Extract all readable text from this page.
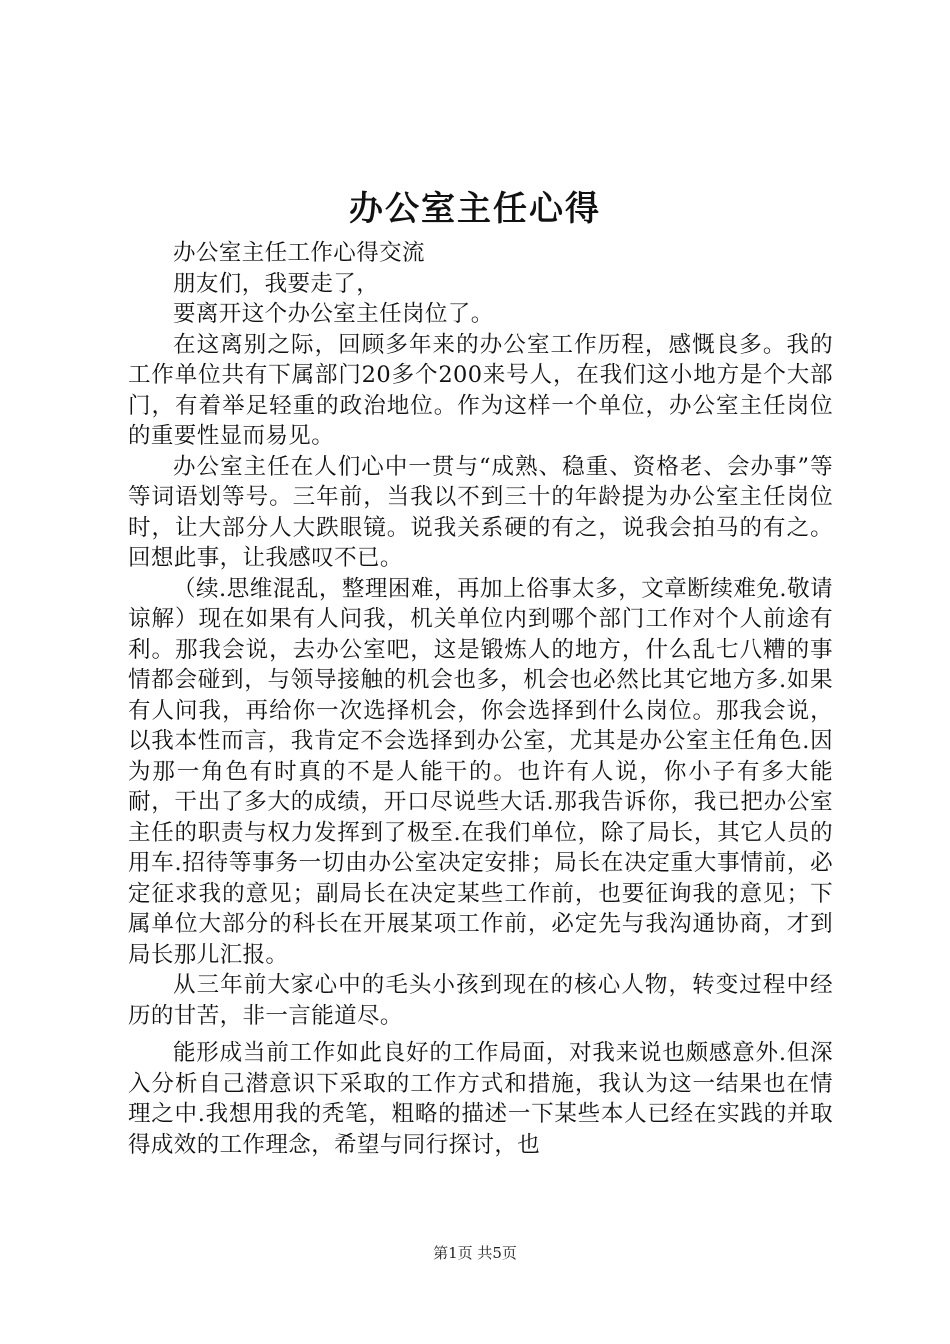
办公室主任心得

办公室主任工作心得交流

朋友们，我要走了，

要离开这个办公室主任岗位了。

在这离别之际，回顾多年来的办公室工作历程，感慨良多。我的工作单位共有下属部门20多个200来号人，在我们这小地方是个大部门，有着举足轻重的政治地位。作为这样一个单位，办公室主任岗位的重要性显而易见。

办公室主任在人们心中一贯与“成熟、稳重、资格老、会办事”等等词语划等号。三年前，当我以不到三十的年龄提为办公室主任岗位时，让大部分人大跌眼镜。说我关系硬的有之，说我会拍马的有之。回想此事，让我感叹不已。

（续.思维混乱，整理困难，再加上俗事太多，文章断续难免.敬请谅解）现在如果有人问我，机关单位内到哪个部门工作对个人前途有利。那我会说，去办公室吧，这是锻炼人的地方，什么乱七八糟的事情都会碰到，与领导接触的机会也多，机会也必然比其它地方多.如果有人问我，再给你一次选择机会，你会选择到什么岗位。那我会说，以我本性而言，我肯定不会选择到办公室，尤其是办公室主任角色.因为那一角色有时真的不是人能干的。也许有人说，你小子有多大能耐，干出了多大的成绩，开口尽说些大话.那我告诉你，我已把办公室主任的职责与权力发挥到了极至.在我们单位，除了局长，其它人员的用车.招待等事务一切由办公室决定安排；局长在决定重大事情前，必定征求我的意见；副局长在决定某些工作前，也要征询我的意见；下属单位大部分的科长在开展某项工作前，必定先与我沟通协商，才到局长那儿汇报。

从三年前大家心中的毛头小孩到现在的核心人物，转变过程中经历的甘苦，非一言能道尽。

能形成当前工作如此良好的工作局面，对我来说也颇感意外.但深入分析自己潜意识下采取的工作方式和措施，我认为这一结果也在情理之中.我想用我的秃笔，粗略的描述一下某些本人已经在实践的并取得成效的工作理念，希望与同行探讨，也

第1页 共5页
